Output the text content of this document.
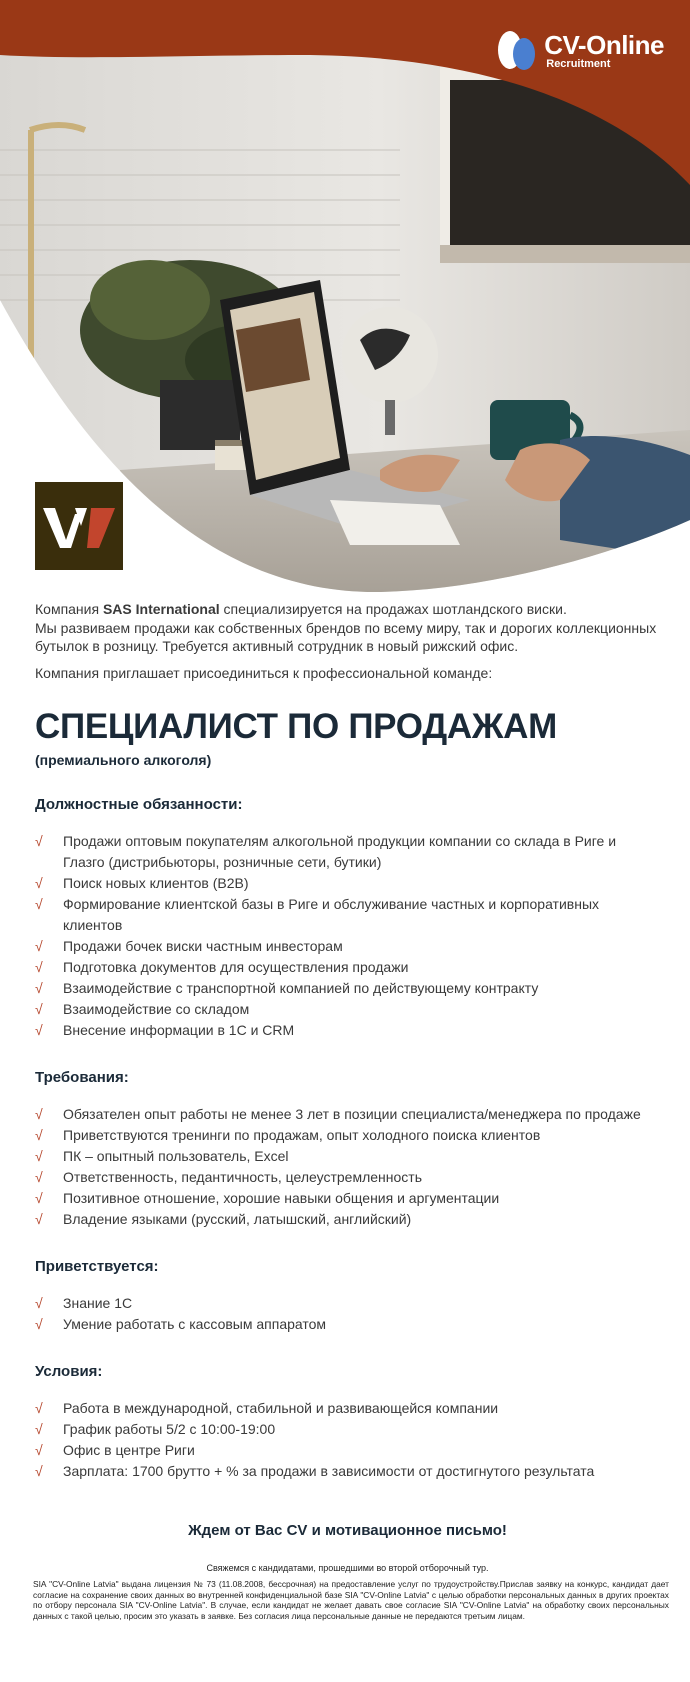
CV-Online
Recruitment

Компания SAS International специализируется на продажах шотландского виски.

Мы развиваем продажи как собственных брендов по всему миру, так и дорогих коллекционных бутылок в розницу. Требуется активный сотрудник в новый рижский офис.

Компания приглашает присоединиться к профессиональной команде:

СПЕЦИАЛИСТ ПО ПРОДАЖАМ
(премиального алкоголя)
Должностные обязанности:
√ Продажи оптовым покупателям алкогольной продукции компании со склада в Риге и Глазго (дистрибьюторы, розничные сети, бутики)
√ Поиск новых клиентов (B2B)
√ Формирование клиентской базы в Риге и обслуживание частных и корпоративных клиентов
√ Продажи бочек виски частным инвесторам
√ Подготовка документов для осуществления продажи
√ Взаимодействие с транспортной компанией по действующему контракту
√ Взаимодействие со складом
√ Внесение информации в 1С и CRM
Требования:
√ Обязателен опыт работы не менее 3 лет в позиции специалиста/менеджера по продаже
√ Приветствуются тренинги по продажам, опыт холодного поиска клиентов
√ ПК – опытный пользователь, Excel
√ Ответственность, педантичность, целеустремленность
√ Позитивное отношение, хорошие навыки общения и аргументации
√ Владение языками (русский, латышский, английский)
Приветствуется:
√ Знание 1С
√ Умение работать с кассовым аппаратом
Условия:
√ Работа в международной, стабильной и развивающейся компании
√ График работы 5/2 с 10:00-19:00
√ Офис в центре Риги
√ Зарплата: 1700 брутто + % за продажи в зависимости от достигнутого результата
Ждем от Вас CV и мотивационное письмо!
Свяжемся с кандидатами, прошедшими во второй отборочный тур.
SIA "CV-Online Latvia" выдана лицензия № 73 (11.08.2008, бессрочная) на предоставление услуг по трудоустройству.Прислав заявку на конкурс, кандидат дает согласие на сохранение своих данных во внутренней конфиденциальной базе SIA "CV-Online Latvia" с целью обработки персональных данных в других проектах по отбору персонала SIA "CV-Online Latvia". В случае, если кандидат не желает давать свое согласие SIA "CV-Online Latvia" на обработку своих персональных данных с такой целью, просим это указать в заявке. Без согласия лица персональные данные не передаются третьим лицам.
